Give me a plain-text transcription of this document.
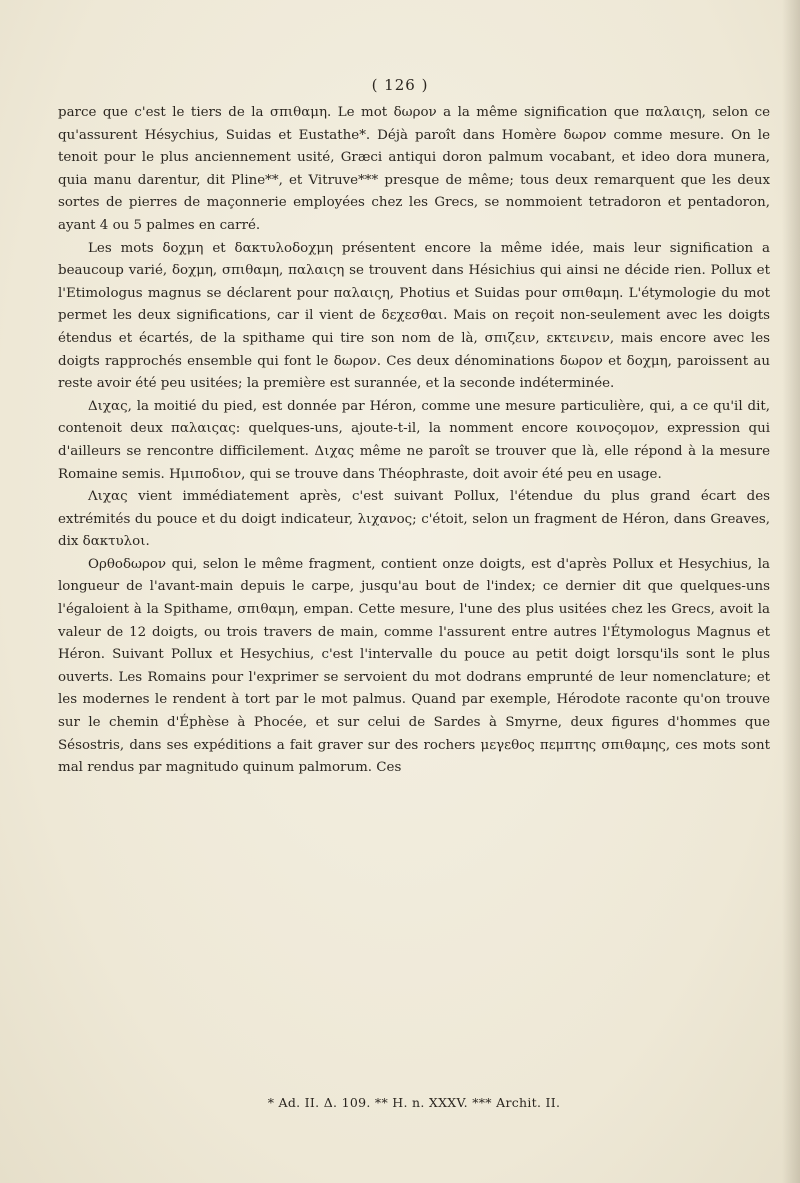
( 126 )

parce que c'est le tiers de la σπιθαμη. Le mot δωρον a la même signification que παλαιςη, selon ce qu'assurent Hésychius, Suidas et Eustathe*. Déjà paroît dans Homère δωρον comme mesure. On le tenoit pour le plus anciennement usité, Græci antiqui doron palmum vocabant, et ideo dora munera, quia manu darentur, dit Pline**, et Vitruve*** presque de même; tous deux remarquent que les deux sortes de pierres de maçonnerie employées chez les Grecs, se nommoient tetradoron et pentadoron, ayant 4 ou 5 palmes en carré.

Les mots δοχμη et δακτυλοδοχμη présentent encore la même idée, mais leur signification a beaucoup varié, δοχμη, σπιθαμη, παλαιςη se trouvent dans Hésichius qui ainsi ne décide rien. Pollux et l'Etimologus magnus se déclarent pour παλαιςη, Photius et Suidas pour σπιθαμη. L'étymologie du mot permet les deux significations, car il vient de δεχεσθαι. Mais on reçoit non-seulement avec les doigts étendus et écartés, de la spithame qui tire son nom de là, σπιζειν, εκτεινειν, mais encore avec les doigts rapprochés ensemble qui font le δωρον. Ces deux dénominations δωρον et δοχμη, paroissent au reste avoir été peu usitées; la première est surannée, et la seconde indéterminée.

Διχας, la moitié du pied, est donnée par Héron, comme une mesure particulière, qui, a ce qu'il dit, contenoit deux παλαιςας: quelques-uns, ajoute-t-il, la nomment encore κοινοςομον, expression qui d'ailleurs se rencontre difficilement. Διχας même ne paroît se trouver que là, elle répond à la mesure Romaine semis. Ημιποδιον, qui se trouve dans Théophraste, doit avoir été peu en usage.

Λιχας vient immédiatement après, c'est suivant Pollux, l'étendue du plus grand écart des extrémités du pouce et du doigt indicateur, λιχανος; c'étoit, selon un fragment de Héron, dans Greaves, dix δακτυλοι.

Ορθοδωρον qui, selon le même fragment, contient onze doigts, est d'après Pollux et Hesychius, la longueur de l'avant-main depuis le carpe, jusqu'au bout de l'index; ce dernier dit que quelques-uns l'égaloient à la Spithame, σπιθαμη, empan. Cette mesure, l'une des plus usitées chez les Grecs, avoit la valeur de 12 doigts, ou trois travers de main, comme l'assurent entre autres l'Étymologus Magnus et Héron. Suivant Pollux et Hesychius, c'est l'intervalle du pouce au petit doigt lorsqu'ils sont le plus ouverts. Les Romains pour l'exprimer se servoient du mot dodrans emprunté de leur nomenclature; et les modernes le rendent à tort par le mot palmus. Quand par exemple, Hérodote raconte qu'on trouve sur le chemin d'Éphèse à Phocée, et sur celui de Sardes à Smyrne, deux figures d'hommes que Sésostris, dans ses expéditions a fait graver sur des rochers μεγεθος πεμπτης σπιθαμης, ces mots sont mal rendus par magnitudo quinum palmorum. Ces

* Ad. II. Δ. 109. ** H. n. XXXV. *** Archit. II.
